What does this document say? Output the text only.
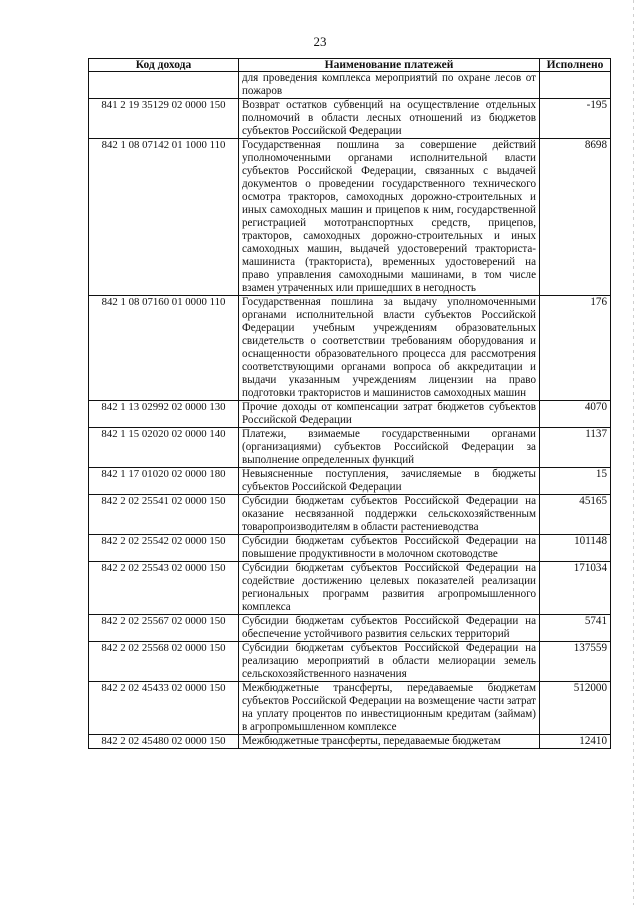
23
Код дохода	Наименование платежей	Исполнено
	для проведения комплекса мероприятий по охране лесов от пожаров	
841 2 19 35129 02 0000 150	Возврат остатков субвенций на осуществление отдельных полномочий в области лесных отношений из бюджетов субъектов Российской Федерации	-195
842 1 08 07142 01 1000 110	Государственная пошлина за совершение действий уполномоченными органами исполнительной власти субъектов Российской Федерации, связанных с выдачей документов о проведении государственного технического осмотра тракторов, самоходных дорожно-строительных и иных самоходных машин и прицепов к ним, государственной регистрацией мототранспортных средств, прицепов, тракторов, самоходных дорожно-строительных и иных самоходных машин, выдачей удостоверений тракториста-машиниста (тракториста), временных удостоверений на право управления самоходными машинами, в том числе взамен утраченных или пришедших в негодность	8698
842 1 08 07160 01 0000 110	Государственная пошлина за выдачу уполномоченными органами исполнительной власти субъектов Российской Федерации учебным учреждениям образовательных свидетельств о соответствии требованиям оборудования и оснащенности образовательного процесса для рассмотрения соответствующими органами вопроса об аккредитации и выдачи указанным учреждениям лицензии на право подготовки трактористов и машинистов самоходных машин	176
842 1 13 02992 02 0000 130	Прочие доходы от компенсации затрат бюджетов субъектов Российской Федерации	4070
842 1 15 02020 02 0000 140	Платежи, взимаемые государственными органами (организациями) субъектов Российской Федерации за выполнение определенных функций	1137
842 1 17 01020 02 0000 180	Невыясненные поступления, зачисляемые в бюджеты субъектов Российской Федерации	15
842 2 02 25541 02 0000 150	Субсидии бюджетам субъектов Российской Федерации на оказание несвязанной поддержки сельскохозяйственным товаропроизводителям в области растениеводства	45165
842 2 02 25542 02 0000 150	Субсидии бюджетам субъектов Российской Федерации на повышение продуктивности в молочном скотоводстве	101148
842 2 02 25543 02 0000 150	Субсидии бюджетам субъектов Российской Федерации на содействие достижению целевых показателей реализации региональных программ развития агропромышленного комплекса	171034
842 2 02 25567 02 0000 150	Субсидии бюджетам субъектов Российской Федерации на обеспечение устойчивого развития сельских территорий	5741
842 2 02 25568 02 0000 150	Субсидии бюджетам субъектов Российской Федерации на реализацию мероприятий в области мелиорации земель сельскохозяйственного назначения	137559
842 2 02 45433 02 0000 150	Межбюджетные трансферты, передаваемые бюджетам субъектов Российской Федерации на возмещение части затрат на уплату процентов по инвестиционным кредитам (займам) в агропромышленном комплексе	512000
842 2 02 45480 02 0000 150	Межбюджетные трансферты, передаваемые бюджетам	12410
